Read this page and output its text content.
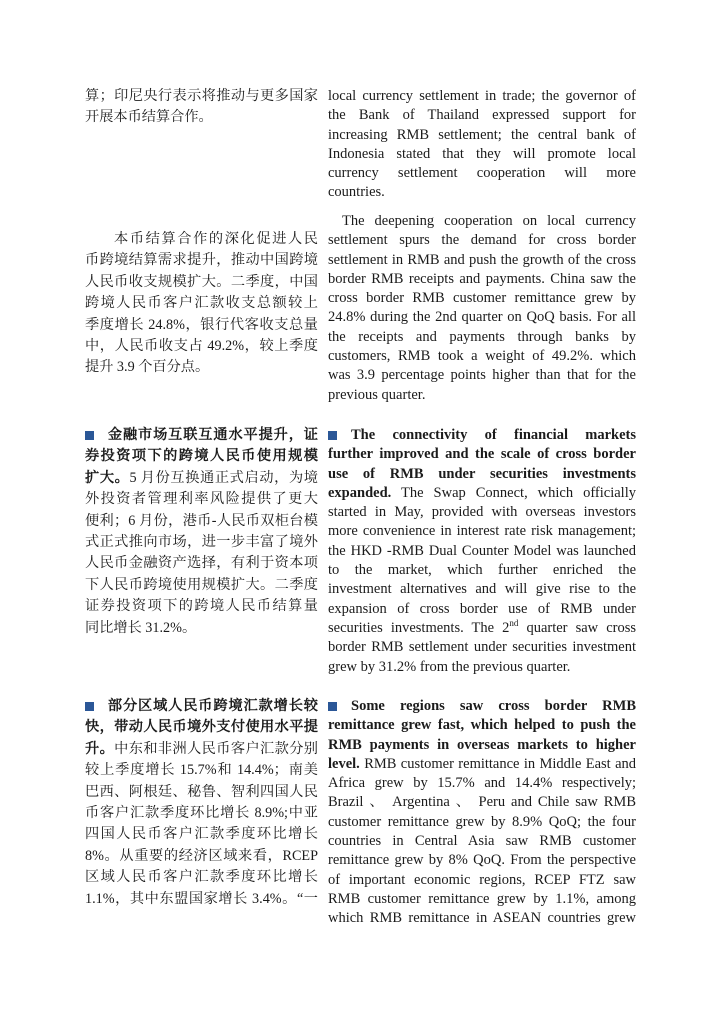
算；印尼央行表示将推动与更多国家
开展本币结算合作。
local currency settlement in trade; the governor of
the Bank of Thailand expressed support for
increasing RMB settlement; the central bank of
Indonesia stated that they will promote local
currency settlement cooperation will more
countries.
本币结算合作的深化促进人民
币跨境结算需求提升，推动中国跨境
人民币收支规模扩大。二季度，中国
跨境人民币客户汇款收支总额较上
季度增长 24.8%，银行代客收支总量
中，人民币收支占 49.2%，较上季度
提升 3.9 个百分点。
The deepening cooperation on local currency
settlement spurs the demand for cross border
settlement in RMB and push the growth of the cross
border RMB receipts and payments. China saw the
cross border RMB customer remittance grew by
24.8% during the 2nd quarter on QoQ basis. For all
the receipts and payments through banks by
customers, RMB took a weight of 49.2%. which
was 3.9 percentage points higher than that for the
previous quarter.
金融市场互联互通水平提升，证
券投资项下的跨境人民币使用规模
扩大。5 月份互换通正式启动，为境
外投资者管理利率风险提供了更大
便利；6 月份，港币-人民币双柜台模
式正式推向市场，进一步丰富了境外
人民币金融资产选择，有利于资本项
下人民币跨境使用规模扩大。二季度
证券投资项下的跨境人民币结算量
同比增长 31.2%。
The connectivity of financial markets
further improved and the scale of cross border
use of RMB under securities investments
expanded. The Swap Connect, which officially
started in May, provided with overseas investors
more convenience in interest rate risk management;
the HKD -RMB Dual Counter Model was launched
to the market, which further enriched the
investment alternatives and will give rise to the
expansion of cross border use of RMB under
securities investments. The 2nd quarter saw cross
border RMB settlement under securities investment
grew by 31.2% from the previous quarter.
部分区域人民币跨境汇款增长较
快，带动人民币境外支付使用水平提
升。中东和非洲人民币客户汇款分别
较上季度增长 15.7%和 14.4%；南美
巴西、阿根廷、秘鲁、智利四国人民
币客户汇款季度环比增长 8.9%;中亚
四国人民币客户汇款季度环比增长
8%。从重要的经济区域来看，RCEP
区域人民币客户汇款季度环比增长
1.1%，其中东盟国家增长 3.4%。“一
Some regions saw cross border RMB
remittance grew fast, which helped to push the
RMB payments in overseas markets to higher
level. RMB customer remittance in Middle East and
Africa grew by 15.7% and 14.4% respectively;
Brazil 、 Argentina 、 Peru and Chile saw RMB
customer remittance grew by 8.9% QoQ; the four
countries in Central Asia saw RMB customer
remittance grew by 8% QoQ. From the perspective
of important economic regions, RCEP FTZ saw
RMB customer remittance grew by 1.1%, among
which RMB remittance in ASEAN countries grew
